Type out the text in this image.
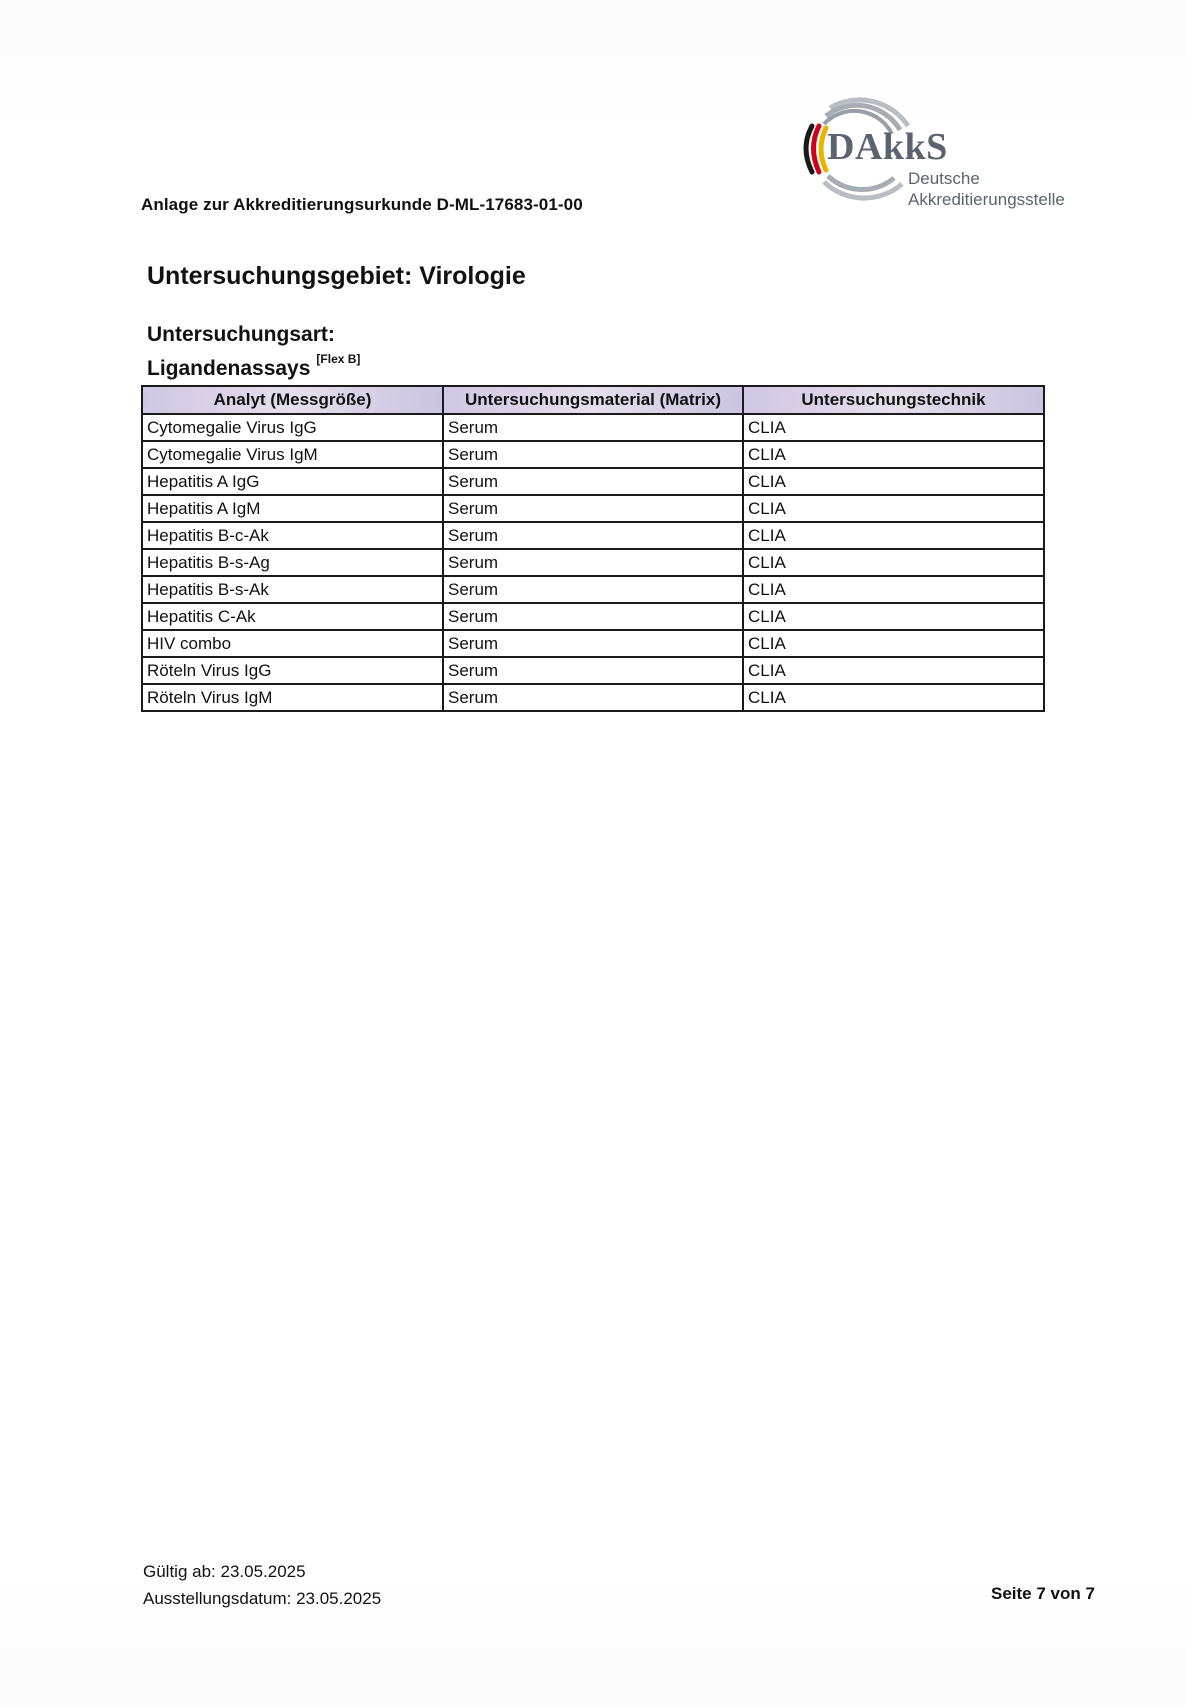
Anlage zur Akkreditierungsurkunde D-ML-17683-01-00
DAkkS
Deutsche
Akkreditierungsstelle
Untersuchungsgebiet: Virologie
Untersuchungsart:
Ligandenassays [Flex B]
Analyt (Messgröße)	Untersuchungsmaterial (Matrix)	Untersuchungstechnik
Cytomegalie Virus IgG	Serum	CLIA
Cytomegalie Virus IgM	Serum	CLIA
Hepatitis A IgG	Serum	CLIA
Hepatitis A IgM	Serum	CLIA
Hepatitis B-c-Ak	Serum	CLIA
Hepatitis B-s-Ag	Serum	CLIA
Hepatitis B-s-Ak	Serum	CLIA
Hepatitis C-Ak	Serum	CLIA
HIV combo	Serum	CLIA
Röteln Virus IgG	Serum	CLIA
Röteln Virus IgM	Serum	CLIA
Gültig ab: 23.05.2025
Ausstellungsdatum: 23.05.2025	Seite 7 von 7
